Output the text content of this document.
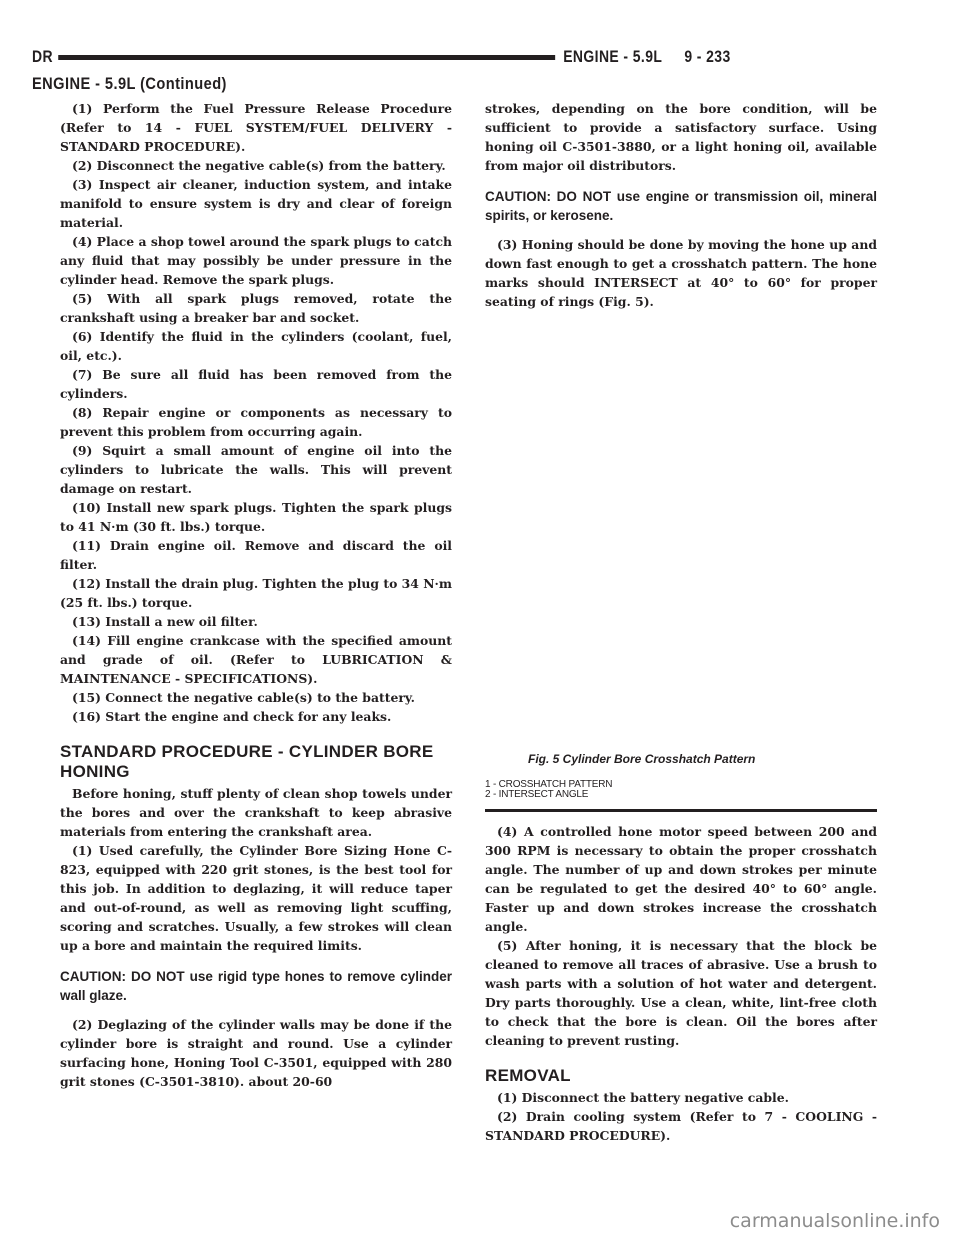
DR	ENGINE - 5.9L 9 - 233
ENGINE - 5.9L (Continued)

(1) Perform the Fuel Pressure Release Procedure (Refer to 14 - FUEL SYSTEM/FUEL DELIVERY - STANDARD PROCEDURE).

(2) Disconnect the negative cable(s) from the battery.

(3) Inspect air cleaner, induction system, and intake manifold to ensure system is dry and clear of foreign material.

(4) Place a shop towel around the spark plugs to catch any fluid that may possibly be under pressure in the cylinder head. Remove the spark plugs.

(5) With all spark plugs removed, rotate the crankshaft using a breaker bar and socket.

(6) Identify the fluid in the cylinders (coolant, fuel, oil, etc.).

(7) Be sure all fluid has been removed from the cylinders.

(8) Repair engine or components as necessary to prevent this problem from occurring again.

(9) Squirt a small amount of engine oil into the cylinders to lubricate the walls. This will prevent damage on restart.

(10) Install new spark plugs. Tighten the spark plugs to 41 N·m (30 ft. lbs.) torque.

(11) Drain engine oil. Remove and discard the oil filter.

(12) Install the drain plug. Tighten the plug to 34 N·m (25 ft. lbs.) torque.

(13) Install a new oil filter.

(14) Fill engine crankcase with the specified amount and grade of oil. (Refer to LUBRICATION & MAINTENANCE - SPECIFICATIONS).

(15) Connect the negative cable(s) to the battery.

(16) Start the engine and check for any leaks.

STANDARD PROCEDURE - CYLINDER BORE HONING

Before honing, stuff plenty of clean shop towels under the bores and over the crankshaft to keep abrasive materials from entering the crankshaft area.

(1) Used carefully, the Cylinder Bore Sizing Hone C-823, equipped with 220 grit stones, is the best tool for this job. In addition to deglazing, it will reduce taper and out-of-round, as well as removing light scuffing, scoring and scratches. Usually, a few strokes will clean up a bore and maintain the required limits.

CAUTION: DO NOT use rigid type hones to remove cylinder wall glaze.

(2) Deglazing of the cylinder walls may be done if the cylinder bore is straight and round. Use a cylinder surfacing hone, Honing Tool C-3501, equipped with 280 grit stones (C-3501-3810). about 20-60

strokes, depending on the bore condition, will be sufficient to provide a satisfactory surface. Using honing oil C-3501-3880, or a light honing oil, available from major oil distributors.

CAUTION: DO NOT use engine or transmission oil, mineral spirits, or kerosene.

(3) Honing should be done by moving the hone up and down fast enough to get a crosshatch pattern. The hone marks should INTERSECT at 40° to 60° for proper seating of rings (Fig. 5).

Fig. 5 Cylinder Bore Crosshatch Pattern
1 - CROSSHATCH PATTERN
2 - INTERSECT ANGLE

(4) A controlled hone motor speed between 200 and 300 RPM is necessary to obtain the proper crosshatch angle. The number of up and down strokes per minute can be regulated to get the desired 40° to 60° angle. Faster up and down strokes increase the crosshatch angle.

(5) After honing, it is necessary that the block be cleaned to remove all traces of abrasive. Use a brush to wash parts with a solution of hot water and detergent. Dry parts thoroughly. Use a clean, white, lint-free cloth to check that the bore is clean. Oil the bores after cleaning to prevent rusting.

REMOVAL

(1) Disconnect the battery negative cable.

(2) Drain cooling system (Refer to 7 - COOLING - STANDARD PROCEDURE).

carmanualsonline.info
